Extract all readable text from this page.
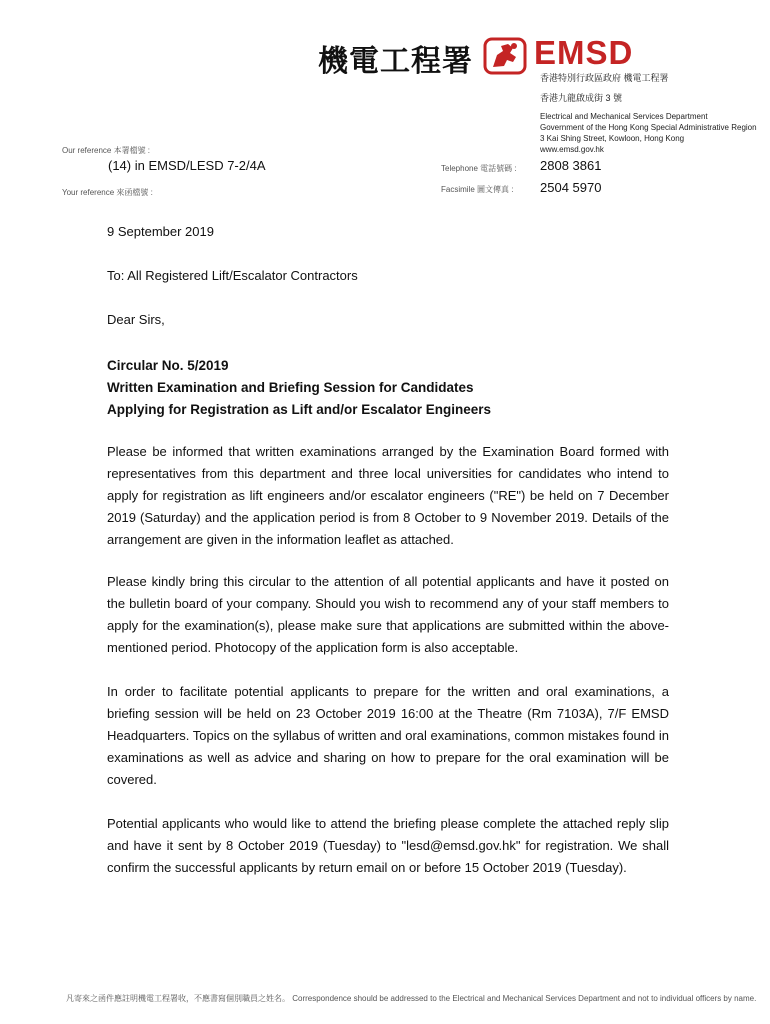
機電工程署 EMSD
香港特別行政區政府 機電工程署
香港九龍啟成街 3 號
Electrical and Mechanical Services Department
Government of the Hong Kong Special Administrative Region
3 Kai Shing Street, Kowloon, Hong Kong
www.emsd.gov.hk
Our reference 本署檔號 :
(14) in EMSD/LESD 7-2/4A
Your reference 來函檔號 :
Telephone 電話號碼 : 2808 3861
Facsimile 圖文傳真 : 2504 5970
9 September 2019
To: All Registered Lift/Escalator Contractors
Dear Sirs,
Circular No. 5/2019
Written Examination and Briefing Session for Candidates
Applying for Registration as Lift and/or Escalator Engineers
Please be informed that written examinations arranged by the Examination Board formed with representatives from this department and three local universities for candidates who intend to apply for registration as lift engineers and/or escalator engineers ("RE") be held on 7 December 2019 (Saturday) and the application period is from 8 October to 9 November 2019. Details of the arrangement are given in the information leaflet as attached.
Please kindly bring this circular to the attention of all potential applicants and have it posted on the bulletin board of your company. Should you wish to recommend any of your staff members to apply for the examination(s), please make sure that applications are submitted within the above-mentioned period. Photocopy of the application form is also acceptable.
In order to facilitate potential applicants to prepare for the written and oral examinations, a briefing session will be held on 23 October 2019 16:00 at the Theatre (Rm 7103A), 7/F EMSD Headquarters. Topics on the syllabus of written and oral examinations, common mistakes found in examinations as well as advice and sharing on how to prepare for the oral examination will be covered.
Potential applicants who would like to attend the briefing please complete the attached reply slip and have it sent by 8 October 2019 (Tuesday) to "lesd@emsd.gov.hk" for registration. We shall confirm the successful applicants by return email on or before 15 October 2019 (Tuesday).
凡寄來之函件應註明機電工程署收，不應書寫個別職員之姓名。 Correspondence should be addressed to the Electrical and Mechanical Services Department and not to individual officers by name.
